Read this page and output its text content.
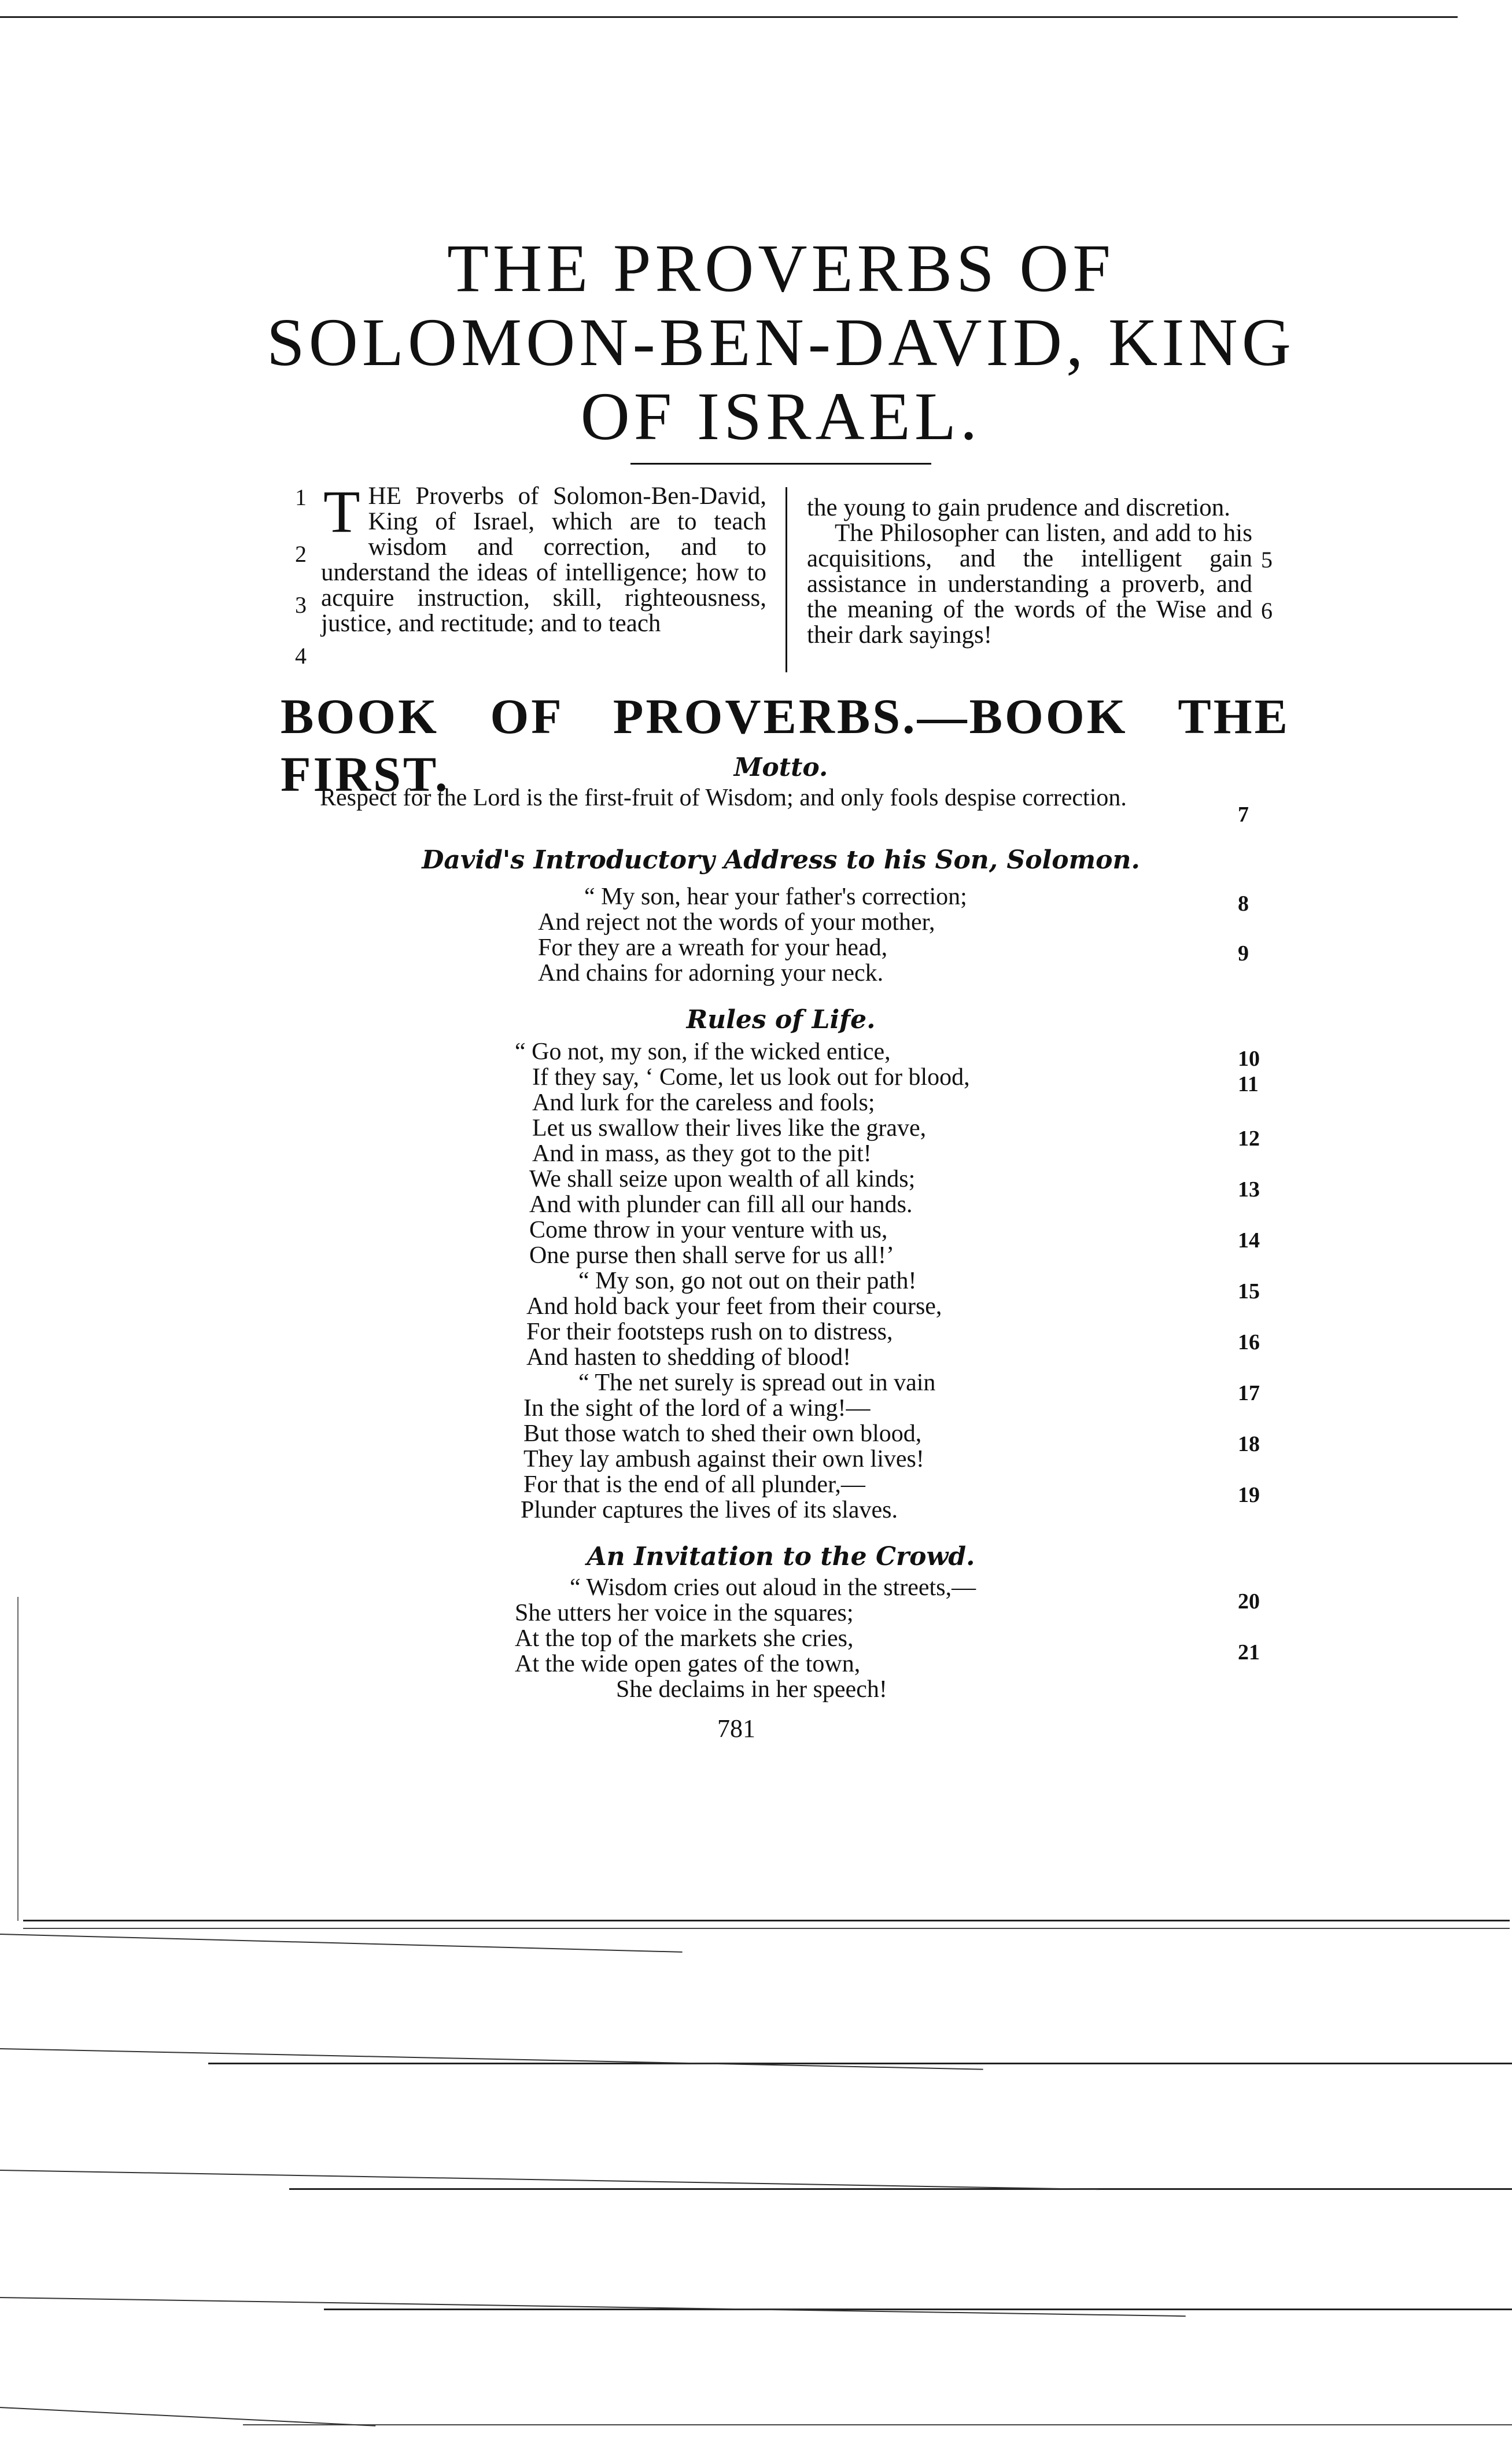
THE PROVERBS OF
SOLOMON-BEN-DAVID, KING
OF ISRAEL.
1
2
3
4
THE Proverbs of Solomon-Ben-David, King of Israel, which are to teach wisdom and correction, and to understand the ideas of intelligence; how to acquire instruction, skill, righteousness, justice, and rectitude; and to teach
the young to gain prudence and discretion.
The Philosopher can listen, and add to his acquisitions, and the intelligent gain assistance in understanding a proverb, and the meaning of the words of the Wise and their dark sayings!
5
6
BOOK OF PROVERBS.—BOOK THE FIRST.	Motto.
Respect for the Lord is the first-fruit of Wisdom; and only fools despise correction.
7
David's Introductory Address to his Son, Solomon.
“ My son, hear your father's correction;
And reject not the words of your mother,
For they are a wreath for your head,
And chains for adorning your neck.
8
9
Rules of Life.
“ Go not, my son, if the wicked entice,
If they say, ‘ Come, let us look out for blood,
And lurk for the careless and fools;
Let us swallow their lives like the grave,
And in mass, as they got to the pit!
We shall seize upon wealth of all kinds;
And with plunder can fill all our hands.
Come throw in your venture with us,
One purse then shall serve for us all!’
“ My son, go not out on their path!
And hold back your feet from their course,
For their footsteps rush on to distress,
And hasten to shedding of blood!
“ The net surely is spread out in vain
In the sight of the lord of a wing!—
But those watch to shed their own blood,
They lay ambush against their own lives!
For that is the end of all plunder,—
Plunder captures the lives of its slaves.
10
11
12
13
14
15
16
17
18
19
An Invitation to the Crowd.
“ Wisdom cries out aloud in the streets,—
She utters her voice in the squares;
At the top of the markets she cries,
At the wide open gates of the town,
She declaims in her speech!
20
21
781
